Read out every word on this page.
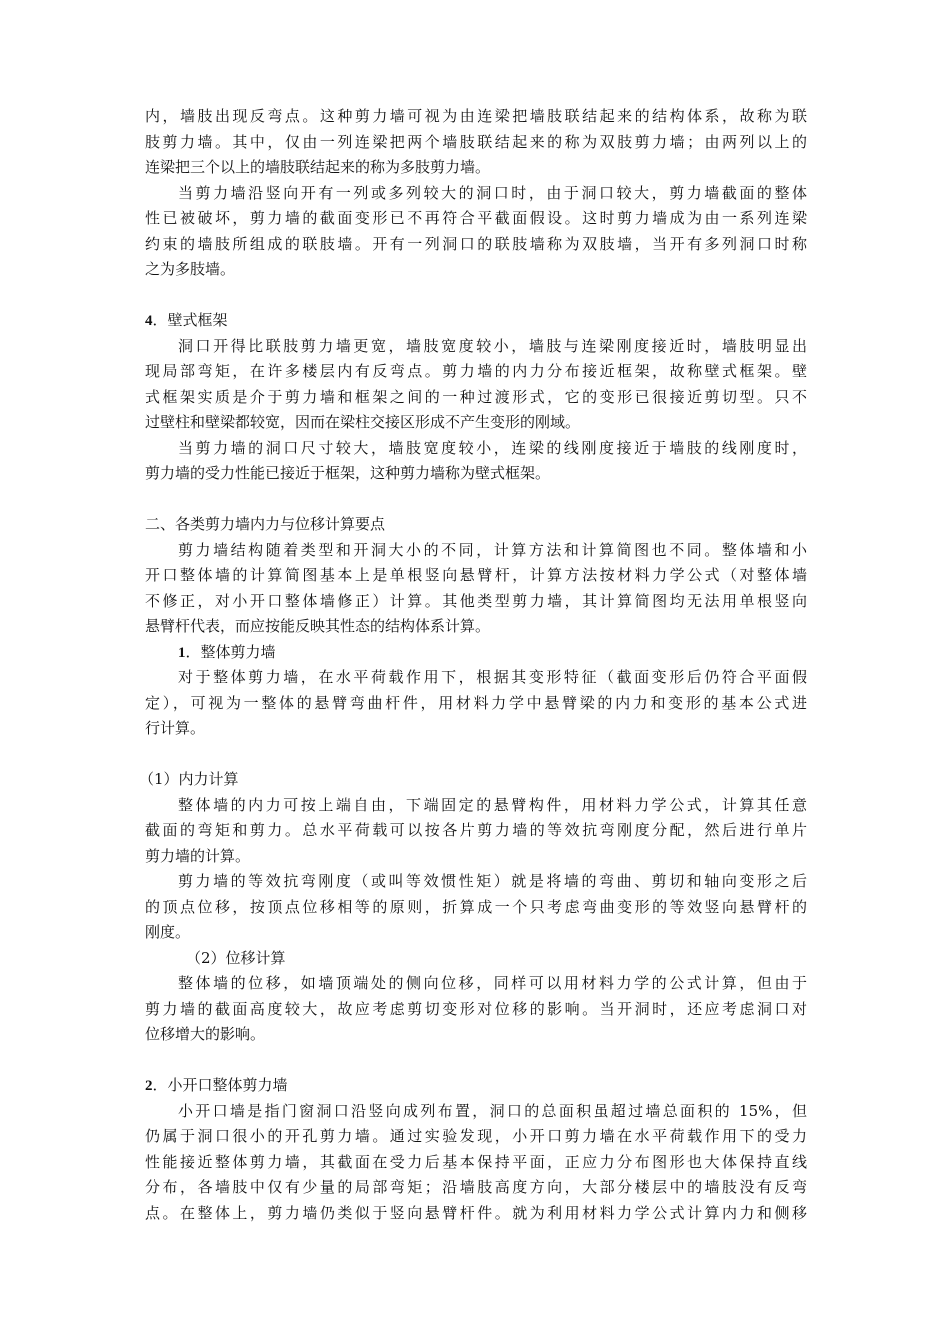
内，墙肢出现反弯点。这种剪力墙可视为由连梁把墙肢联结起来的结构体系，故称为联
肢剪力墙。其中，仅由一列连梁把两个墙肢联结起来的称为双肢剪力墙；由两列以上的
连梁把三个以上的墙肢联结起来的称为多肢剪力墙。
当剪力墙沿竖向开有一列或多列较大的洞口时，由于洞口较大，剪力墙截面的整体
性已被破坏，剪力墙的截面变形已不再符合平截面假设。这时剪力墙成为由一系列连梁
约束的墙肢所组成的联肢墙。开有一列洞口的联肢墙称为双肢墙，当开有多列洞口时称
之为多肢墙。
4．壁式框架
洞口开得比联肢剪力墙更宽，墙肢宽度较小，墙肢与连梁刚度接近时，墙肢明显出
现局部弯矩，在许多楼层内有反弯点。剪力墙的内力分布接近框架，故称壁式框架。壁
式框架实质是介于剪力墙和框架之间的一种过渡形式，它的变形已很接近剪切型。只不
过壁柱和壁梁都较宽，因而在梁柱交接区形成不产生变形的刚域。
当剪力墙的洞口尺寸较大，墙肢宽度较小，连梁的线刚度接近于墙肢的线刚度时，
剪力墙的受力性能已接近于框架，这种剪力墙称为壁式框架。
二、各类剪力墙内力与位移计算要点
剪力墙结构随着类型和开洞大小的不同，计算方法和计算简图也不同。整体墙和小
开口整体墙的计算简图基本上是单根竖向悬臂杆，计算方法按材料力学公式（对整体墙
不修正，对小开口整体墙修正）计算。其他类型剪力墙，其计算简图均无法用单根竖向
悬臂杆代表，而应按能反映其性态的结构体系计算。
1．整体剪力墙
对于整体剪力墙，在水平荷载作用下，根据其变形特征（截面变形后仍符合平面假
定），可视为一整体的悬臂弯曲杆件，用材料力学中悬臂梁的内力和变形的基本公式进
行计算。
（1）内力计算
整体墙的内力可按上端自由，下端固定的悬臂构件，用材料力学公式，计算其任意
截面的弯矩和剪力。总水平荷载可以按各片剪力墙的等效抗弯刚度分配，然后进行单片
剪力墙的计算。
剪力墙的等效抗弯刚度（或叫等效惯性矩）就是将墙的弯曲、剪切和轴向变形之后
的顶点位移，按顶点位移相等的原则，折算成一个只考虑弯曲变形的等效竖向悬臂杆的
刚度。
（2）位移计算
整体墙的位移，如墙顶端处的侧向位移，同样可以用材料力学的公式计算，但由于
剪力墙的截面高度较大，故应考虑剪切变形对位移的影响。当开洞时，还应考虑洞口对
位移增大的影响。
2．小开口整体剪力墙
小开口墙是指门窗洞口沿竖向成列布置，洞口的总面积虽超过墙总面积的 15%，但
仍属于洞口很小的开孔剪力墙。通过实验发现，小开口剪力墙在水平荷载作用下的受力
性能接近整体剪力墙，其截面在受力后基本保持平面，正应力分布图形也大体保持直线
分布，各墙肢中仅有少量的局部弯矩；沿墙肢高度方向，大部分楼层中的墙肢没有反弯
点。在整体上，剪力墙仍类似于竖向悬臂杆件。就为利用材料力学公式计算内力和侧移
